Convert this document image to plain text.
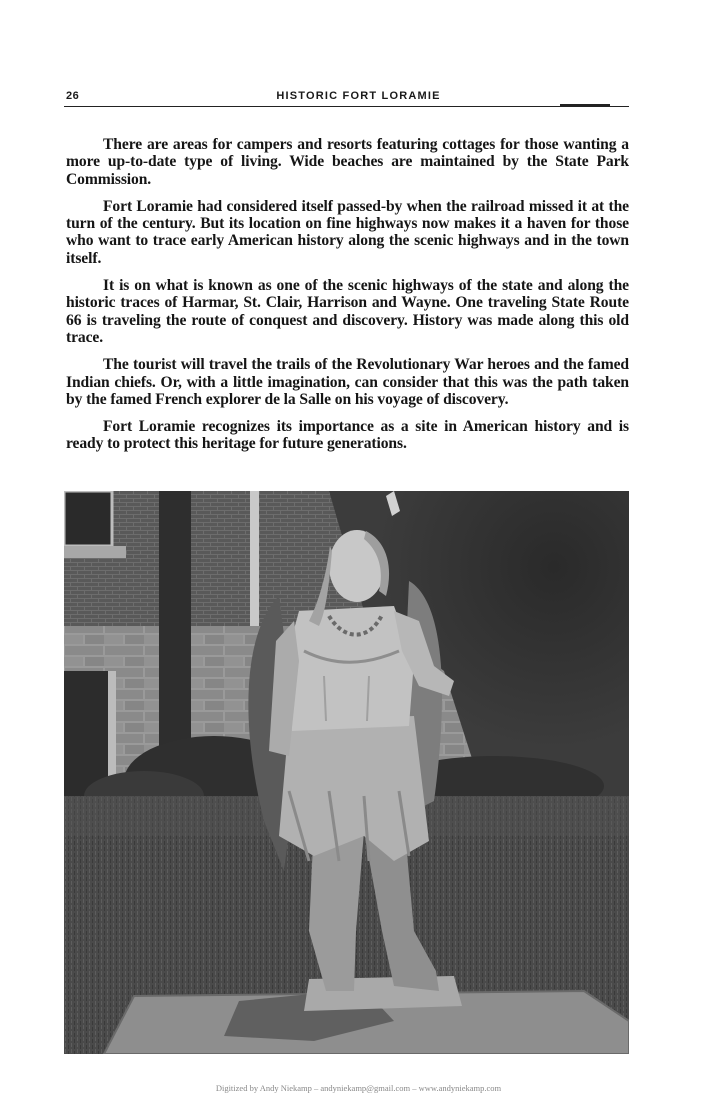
26	HISTORIC FORT LORAMIE

There are areas for campers and resorts featuring cottages for those wanting a more up-to-date type of living. Wide beaches are maintained by the State Park Commission.

Fort Loramie had considered itself passed-by when the railroad missed it at the turn of the century. But its location on fine highways now makes it a haven for those who want to trace early American history along the scenic highways and in the town itself.

It is on what is known as one of the scenic highways of the state and along the historic traces of Harmar, St. Clair, Harrison and Wayne. One traveling State Route 66 is traveling the route of conquest and discovery. History was made along this old trace.

The tourist will travel the trails of the Revolutionary War heroes and the famed Indian chiefs. Or, with a little imagination, can consider that this was the path taken by the famed French explorer de la Salle on his voyage of discovery.

Fort Loramie recognizes its importance as a site in American history and is ready to protect this heritage for future generations.

Digitized by Andy Niekamp – andyniekamp@gmail.com – www.andyniekamp.com
